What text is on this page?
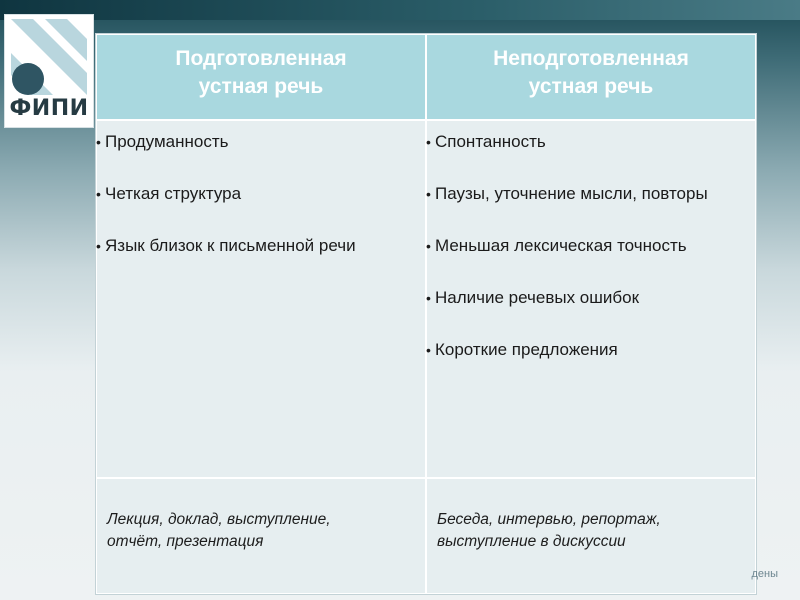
ФИПИ
Подготовленная
устная речь
• Продуманность
• Четкая структура
• Язык близок к письменной речи
Лекция, доклад, выступление,
отчёт, презентация
Неподготовленная
устная речь
• Спонтанность
• Паузы, уточнение мысли, повторы
• Меньшая лексическая точность
• Наличие речевых ошибок
• Короткие предложения
Беседа, интервью, репортаж,
выступление в дискуссии
дены
